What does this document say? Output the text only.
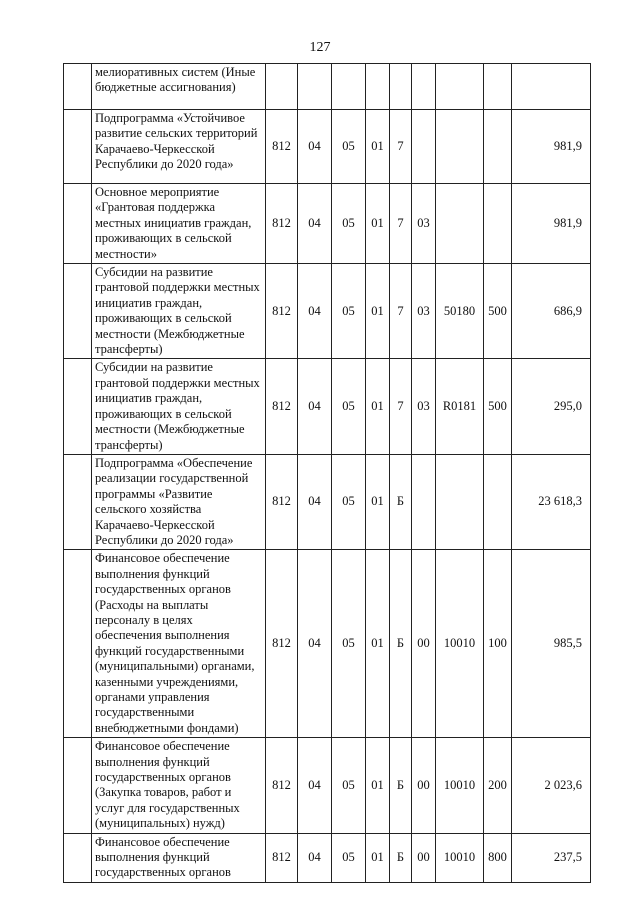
127
	мелиоративных систем (Иные бюджетные ассигнования)									
	Подпрограмма «Устойчивое развитие сельских территорий Карачаево-Черкесской Республики до 2020 года»	812	04	05	01	7				981,9
	Основное мероприятие «Грантовая поддержка местных инициатив граждан, проживающих в сельской местности»	812	04	05	01	7	03			981,9
	Субсидии на развитие грантовой поддержки местных инициатив граждан, проживающих в сельской местности (Межбюджетные трансферты)	812	04	05	01	7	03	50180	500	686,9
	Субсидии на развитие грантовой поддержки местных инициатив граждан, проживающих в сельской местности (Межбюджетные трансферты)	812	04	05	01	7	03	R0181	500	295,0
	Подпрограмма «Обеспечение реализации государственной программы «Развитие сельского хозяйства Карачаево-Черкесской Республики до 2020 года»	812	04	05	01	Б				23 618,3
	Финансовое обеспечение выполнения функций государственных органов (Расходы на выплаты персоналу в целях обеспечения выполнения функций государственными (муниципальными) органами, казенными учреждениями, органами управления государственными внебюджетными фондами)	812	04	05	01	Б	00	10010	100	985,5
	Финансовое обеспечение выполнения функций государственных органов (Закупка товаров, работ и услуг для государственных (муниципальных) нужд)	812	04	05	01	Б	00	10010	200	2 023,6
	Финансовое обеспечение выполнения функций государственных органов	812	04	05	01	Б	00	10010	800	237,5
